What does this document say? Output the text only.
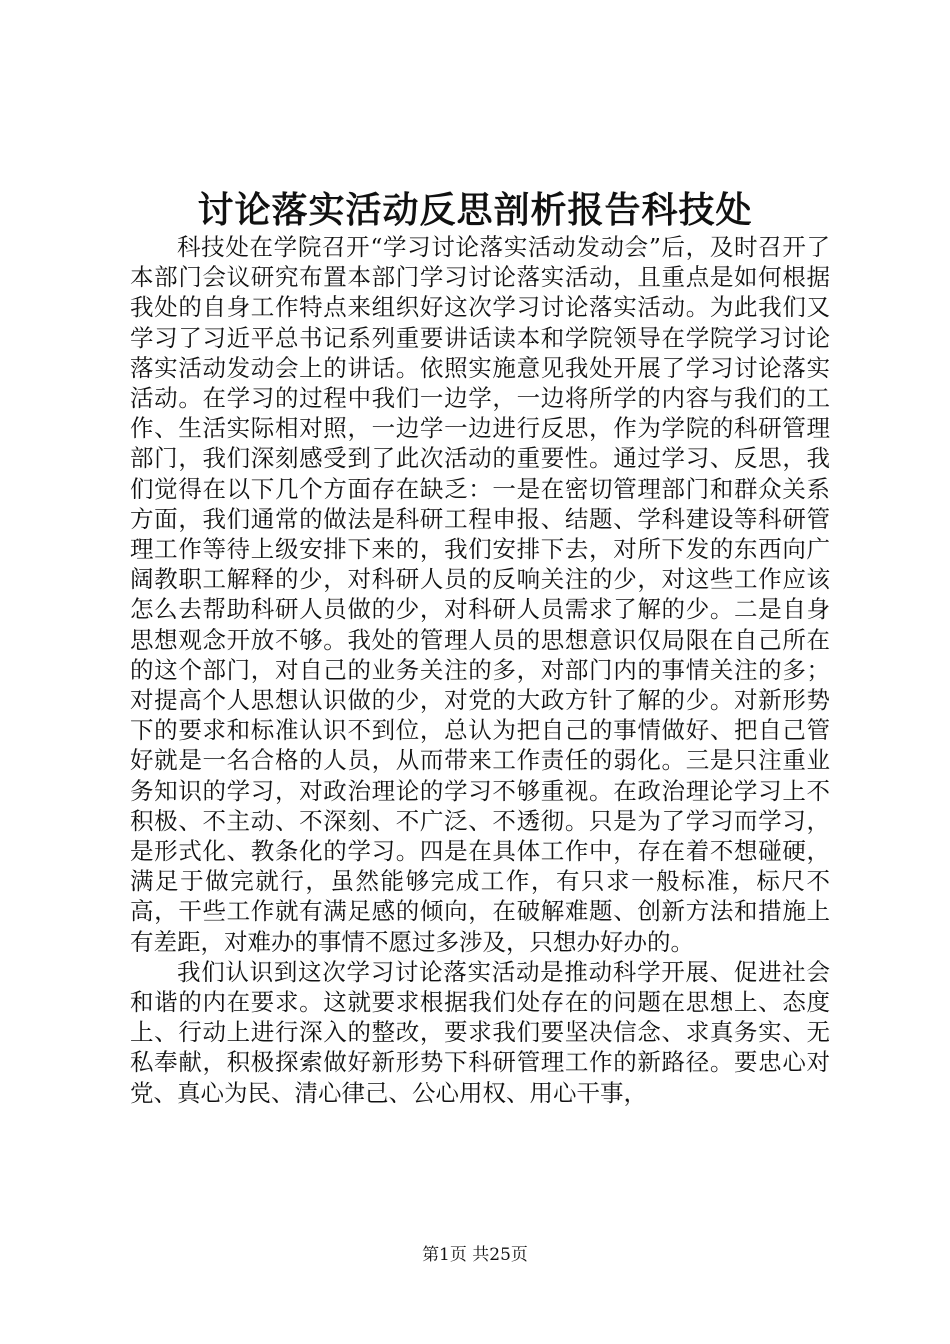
讨论落实活动反思剖析报告科技处

科技处在学院召开“学习讨论落实活动发动会”后，及时召开了本部门会议研究布置本部门学习讨论落实活动，且重点是如何根据我处的自身工作特点来组织好这次学习讨论落实活动。为此我们又学习了习近平总书记系列重要讲话读本和学院领导在学院学习讨论落实活动发动会上的讲话。依照实施意见我处开展了学习讨论落实活动。在学习的过程中我们一边学，一边将所学的内容与我们的工作、生活实际相对照，一边学一边进行反思，作为学院的科研管理部门，我们深刻感受到了此次活动的重要性。通过学习、反思，我们觉得在以下几个方面存在缺乏：一是在密切管理部门和群众关系方面，我们通常的做法是科研工程申报、结题、学科建设等科研管理工作等待上级安排下来的，我们安排下去，对所下发的东西向广阔教职工解释的少，对科研人员的反响关注的少，对这些工作应该怎么去帮助科研人员做的少，对科研人员需求了解的少。二是自身思想观念开放不够。我处的管理人员的思想意识仅局限在自己所在的这个部门，对自己的业务关注的多，对部门内的事情关注的多；对提高个人思想认识做的少，对党的大政方针了解的少。对新形势下的要求和标准认识不到位，总认为把自己的事情做好、把自己管好就是一名合格的人员，从而带来工作责任的弱化。三是只注重业务知识的学习，对政治理论的学习不够重视。在政治理论学习上不积极、不主动、不深刻、不广泛、不透彻。只是为了学习而学习，是形式化、教条化的学习。四是在具体工作中，存在着不想碰硬，满足于做完就行，虽然能够完成工作，有只求一般标准，标尺不高，干些工作就有满足感的倾向，在破解难题、创新方法和措施上有差距，对难办的事情不愿过多涉及，只想办好办的。

我们认识到这次学习讨论落实活动是推动科学开展、促进社会和谐的内在要求。这就要求根据我们处存在的问题在思想上、态度上、行动上进行深入的整改，要求我们要坚决信念、求真务实、无私奉献，积极探索做好新形势下科研管理工作的新路径。要忠心对党、真心为民、清心律己、公心用权、用心干事，

第1页 共25页
